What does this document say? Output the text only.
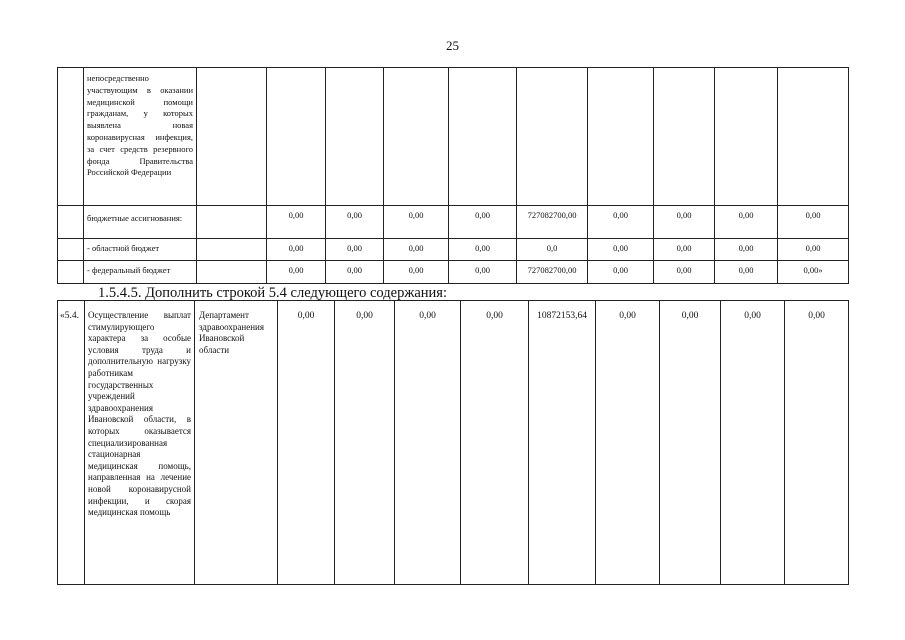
25
	непосредственно участвующим в оказании медицинской помощи гражданам, у которых выявлена новая коронавирусная инфекция, за счет средств резервного фонда Правительства Российской Федерации										
	бюджетные ассигнования:		0,00	0,00	0,00	0,00	727082700,00	0,00	0,00	0,00	0,00
	- областной бюджет		0,00	0,00	0,00	0,00	0,0	0,00	0,00	0,00	0,00
	- федеральный бюджет		0,00	0,00	0,00	0,00	727082700,00	0,00	0,00	0,00	0,00»
1.5.4.5. Дополнить строкой 5.4 следующего содержания:
«5.4.	Осуществление выплат стимулирующего характера за особые условия труда и дополнительную нагрузку работникам государственных учреждений здравоохранения Ивановской области, в которых оказывается специализированная стационарная медицинская помощь, направленная на лечение новой коронавирусной инфекции, и скорая медицинская помощь	Департамент здравоохранения Ивановской области	0,00	0,00	0,00	0,00	10872153,64	0,00	0,00	0,00	0,00
